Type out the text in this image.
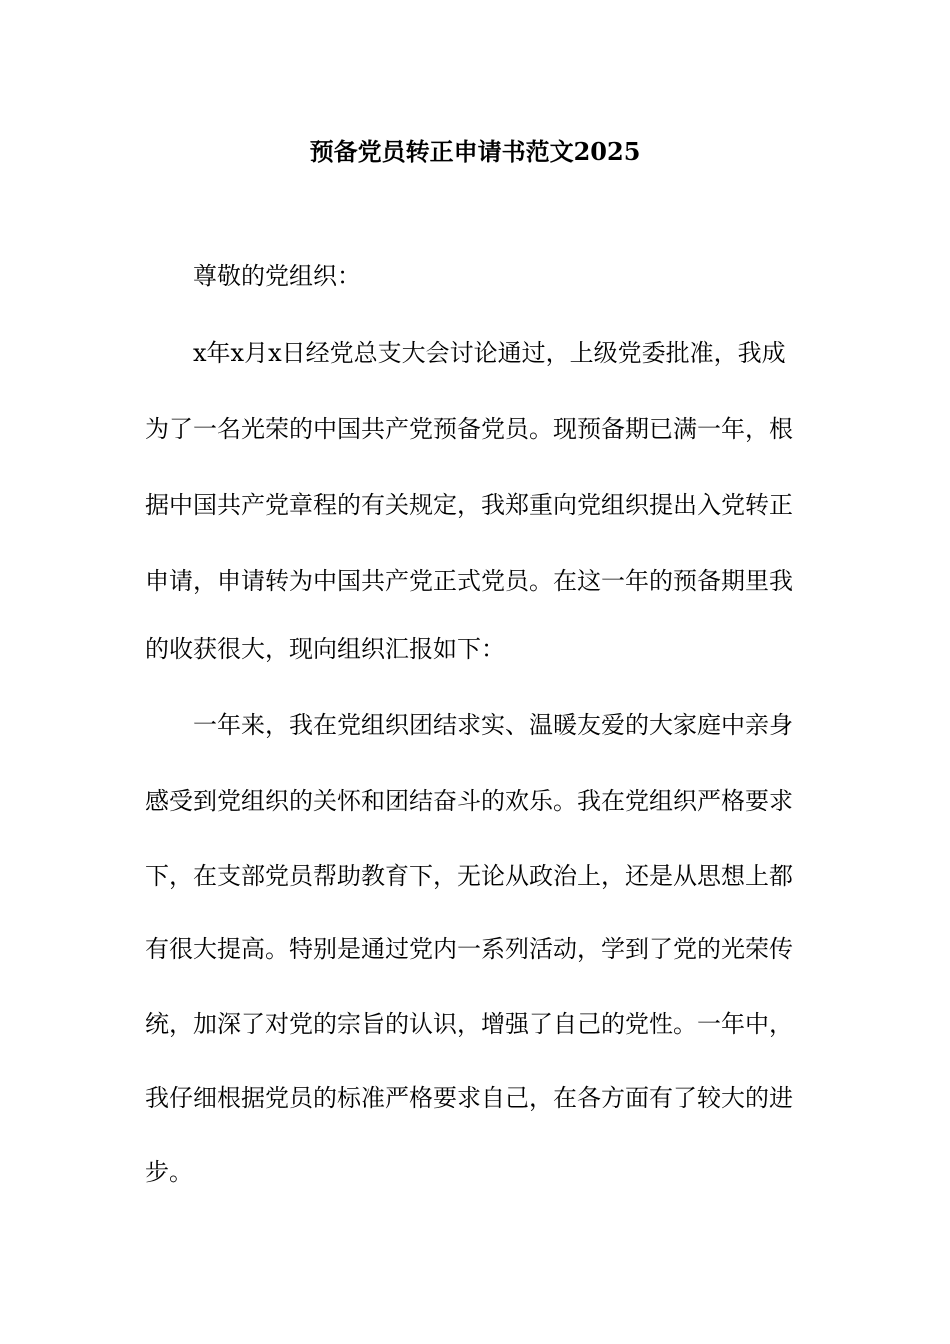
预备党员转正申请书范文2025

尊敬的党组织：

x年x月x日经党总支大会讨论通过，上级党委批准，我成

为了一名光荣的中国共产党预备党员。现预备期已满一年，根

据中国共产党章程的有关规定，我郑重向党组织提出入党转正

申请，申请转为中国共产党正式党员。在这一年的预备期里我

的收获很大，现向组织汇报如下：

一年来，我在党组织团结求实、温暖友爱的大家庭中亲身

感受到党组织的关怀和团结奋斗的欢乐。我在党组织严格要求

下，在支部党员帮助教育下，无论从政治上，还是从思想上都

有很大提高。特别是通过党内一系列活动，学到了党的光荣传

统，加深了对党的宗旨的认识，增强了自己的党性。一年中，

我仔细根据党员的标准严格要求自己，在各方面有了较大的进

步。
